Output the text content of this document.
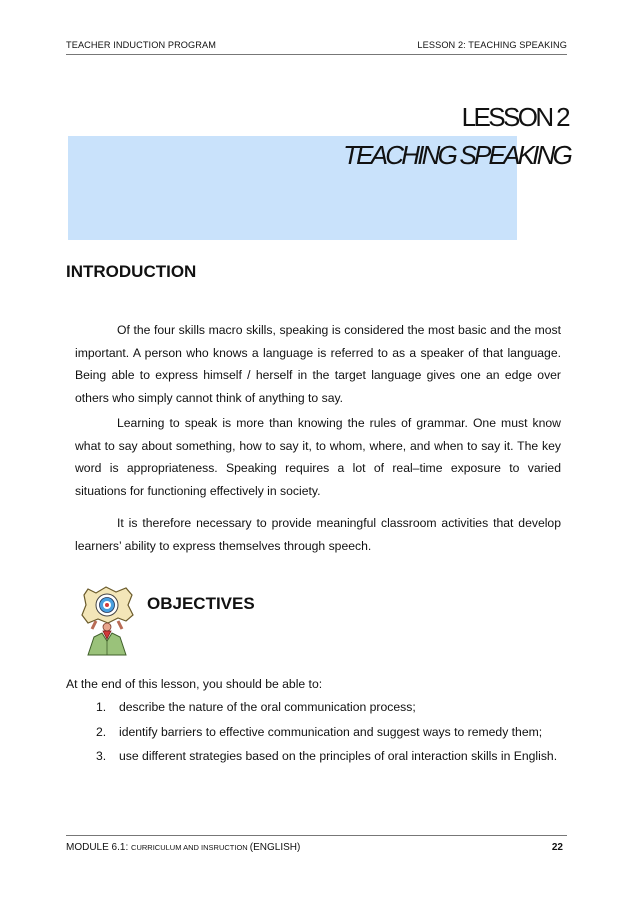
TEACHER INDUCTION PROGRAM	LESSON 2: TEACHING SPEAKING
LESSON 2
TEACHING SPEAKING
INTRODUCTION
Of the four skills macro skills, speaking is considered the most basic and the most important. A person who knows a language is referred to as a speaker of that language. Being able to express himself / herself in the target language gives one an edge over others who simply cannot think of anything to say.
Learning to speak is more than knowing the rules of grammar. One must know what to say about something, how to say it, to whom, where, and when to say it. The key word is appropriateness. Speaking requires a lot of real–time exposure to varied situations for functioning effectively in society.
It is therefore necessary to provide meaningful classroom activities that develop learners’ ability to express themselves through speech.
OBJECTIVES
At the end of this lesson, you should be able to:
1. describe the nature of the oral communication process;
2. identify barriers to effective communication and suggest ways to remedy them;
3. use different strategies based on the principles of oral interaction skills in English.
MODULE 6.1: CURRICULUM AND INSRUCTION (ENGLISH)	22
